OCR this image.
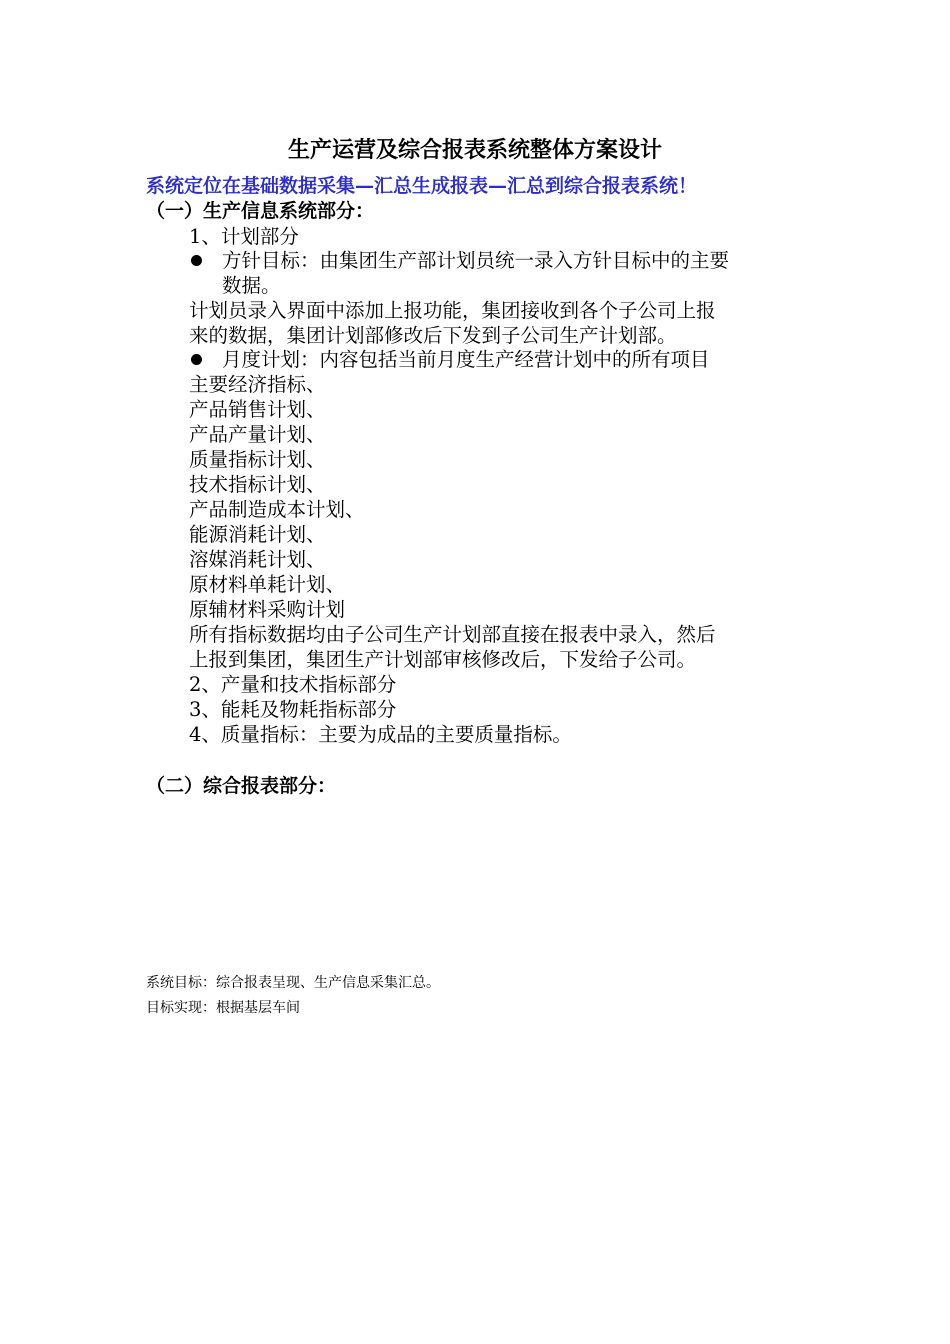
生产运营及综合报表系统整体方案设计
系统定位在基础数据采集—汇总生成报表—汇总到综合报表系统！
（一）生产信息系统部分：
1、计划部分
方针目标：由集团生产部计划员统一录入方针目标中的主要
数据。
计划员录入界面中添加上报功能，集团接收到各个子公司上报
来的数据，集团计划部修改后下发到子公司生产计划部。
月度计划：内容包括当前月度生产经营计划中的所有项目
主要经济指标、
产品销售计划、
产品产量计划、
质量指标计划、
技术指标计划、
产品制造成本计划、
能源消耗计划、
溶媒消耗计划、
原材料单耗计划、
原辅材料采购计划
所有指标数据均由子公司生产计划部直接在报表中录入，然后
上报到集团，集团生产计划部审核修改后，下发给子公司。
2、产量和技术指标部分
3、能耗及物耗指标部分
4、质量指标：主要为成品的主要质量指标。
（二）综合报表部分：
系统目标：综合报表呈现、生产信息采集汇总。
目标实现：根据基层车间
